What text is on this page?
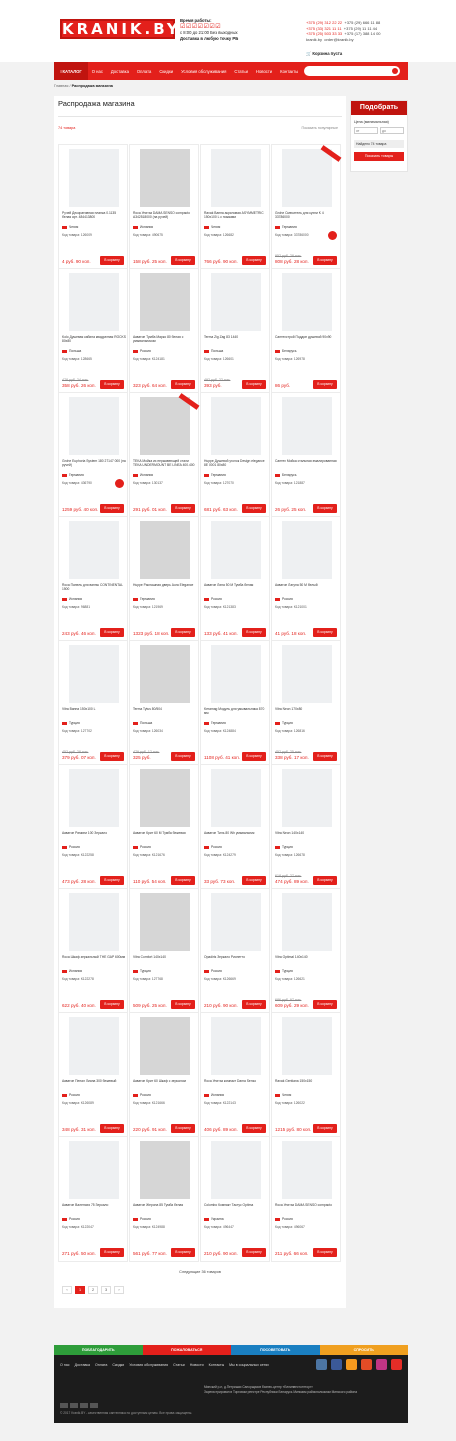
KRANIK.BY Время работы:
☑☑☑☑☑☑☑
с 8:00 до 21:00 Без выходных
Доставка в любую точку РБ
+375 (29) 312 22 22 +375 (29) 666 11 88
+375 (33) 321 11 11 +375 (29) 11 11 44
+375 (25) 503 33 33 +375 (17) 388 14 00
kranik.by order@kranik.by
🛒 Корзина пуста
≡ КАТАЛОГ	О нас	Доставка	Оплата	Скидки	Условия обслуживания	Статьи	Новости	Контакты
Главная / Распродажа магазина
Распродажа магазина
74 товара	Показать популярные
Ручей Декоративная планка 0.1135 белая арт. 484413800
Чехия
Код товара: 126009
4 руб. 90 коп.	В корзину
Roca Унитаз DAMA SENSO compacto A342518000 (на ручей)
Испания
Код товара: 490675
158 руб. 25 коп.	В корзину
Ravak Ванна акриловая ASYMMETRIC 150x100 L с ножками
Чехия
Код товара: 126682
766 руб. 90 коп.	В корзину
Grohe Смеситель для кухни K 4 33786000
Германия
Код товара: 33786000
952 руб. 28 коп.
808 руб. 28 коп.	В корзину
Kolo Душевая кабина квадратная ROCKS 80x80
Польша
Код товара: 128665
478 руб. 24 коп.
358 руб. 26 коп.	В корзину
Акватон Тумба Марко 80 белая с умывальником
Россия
Код товара: К124181
323 руб. 64 коп.	В корзину
Terma Zig Zag 83 1440
Польша
Код товара: 126601
492 руб. 22 коп.
393 руб.	В корзину
Сантехстрой Поддон душевой 90x90
Беларусь
Код товара: 126978
86 руб.	В корзину
Grohe Euphoria System 180 27147 000 (на ручей)
Германия
Код товара: 436790
1259 руб. 40 коп.	В корзину
TEKA Мойка из нержавеющей стали TEKA UNDERMOUNT BE LINEA 400.400
Испания
Код товара: 130137
291 руб. 01 коп.	В корзину
Huppe Душевой уголок Design elegance 8E 0001 80x80
Германия
Код товара: 127070
681 руб. 63 коп.	В корзину
Сантех Мойка стальная эмалированная
Беларусь
Код товара: 121887
26 руб. 25 коп.	В корзину
Roca Панель для ванны CONTINENTAL 1500
Испания
Код товара: 96881
243 руб. 46 коп.	В корзину
Huppe Распашная дверь Aura Elegance
Германия
Код товара: 121969
1323 руб. 18 коп.	В корзину
Акватон Лина 50 М Тумба белая
Россия
Код товара: К121383
133 руб. 41 коп.	В корзину
Акватон Лагуна 50 М белый
Россия
Код товара: К121001
41 руб. 18 коп.	В корзину
Vitra Ванна 150x100 L
Турция
Код товара: 127702
452 руб. 28 коп.
379 руб. 07 коп.	В корзину
Terma Tytus 80/504
Польша
Код товара: 126034
479 руб. 12 коп.
325 руб.	В корзину
Keramag Модуль для умывальника 870 мм
Германия
Код товара: К124884
1108 руб. 41 коп.	В корзину
Vitra Neon 170x80
Турция
Код товара: 126816
452 руб. 25 коп.
338 руб. 17 коп.	В корзину
Акватон Римини 100 Зеркало
Россия
Код товара: К122258
473 руб. 28 коп.	В корзину
Акватон Крит 60 М Тумба бежевая
Россия
Код товара: К121676
110 руб. 54 коп.	В корзину
Акватон Тиль 80 Wh умывальник
Россия
Код товара: К124279
33 руб. 73 коп.	В корзину
Vitra Neon 140x140
Турция
Код товара: 126678
618 руб. 27 коп.
474 руб. 89 коп.	В корзину
Roca Шкаф зеркальный THE GAP 600мм
Испания
Код товара: К122278
622 руб. 40 коп.	В корзину
Vitra Comfort 140x140
Турция
Код товара: 127768
509 руб. 25 коп.	В корзину
Opadiris Зеркало Риспетто
Россия
Код товара: К126669
210 руб. 90 коп.	В корзину
Vitra Optimal 140x140
Турция
Код товара: 126621
686 руб. 97 коп.
609 руб. 29 коп.	В корзину
Акватон Пенал Лиана 300 бежевый
Россия
Код товара: К126089
348 руб. 31 коп.	В корзину
Акватон Крит 60 Шкаф с зеркалом
Россия
Код товара: К121666
220 руб. 91 коп.	В корзину
Roca Унитаз компакт Dama Senso
Испания
Код товара: К122143
406 руб. 89 коп.	В корзину
Ravak Gentiana 150x150
Чехия
Код товара: 126022
1215 руб. 80 коп.	В корзину
Акватон Валенсия 75 Зеркало
Россия
Код товара: К122047
271 руб. 50 коп.	В корзину
Акватон Жерона 85 Тумба белая
Россия
Код товара: К124988
561 руб. 77 коп.	В корзину
Colombo Компакт Тактус Optima
Украина
Код товара: 496447
210 руб. 90 коп.	В корзину
Roca Унитаз DAMA SENSO compacto
Россия
Код товара: 496067
211 руб. 66 коп.	В корзину
Следующие 36 товаров
‹	1	2	3	›
Подобрать
Цена (минимальная)
от
до
Найдено 74 товара
Показать товары
ПОБЛАГОДАРИТЬ	ПОЖАЛОВАТЬСЯ	ПОСОВЕТОВАТЬ	СПРОСИТЬ
О нас Доставка Оплата Скидки Условия обслуживания Статьи Новости Контакты Мы в социальных сетях
Минский р-н, д.Петришки Сапорщиков бизнес-центр «Белинвестоптторг»
Зарегистрирован в Торговом реестре Республики Беларусь Минским райисполкомом Минского района
© 2017 Kranik.BY - качественная сантехника по доступным ценам. Все права защищены.
